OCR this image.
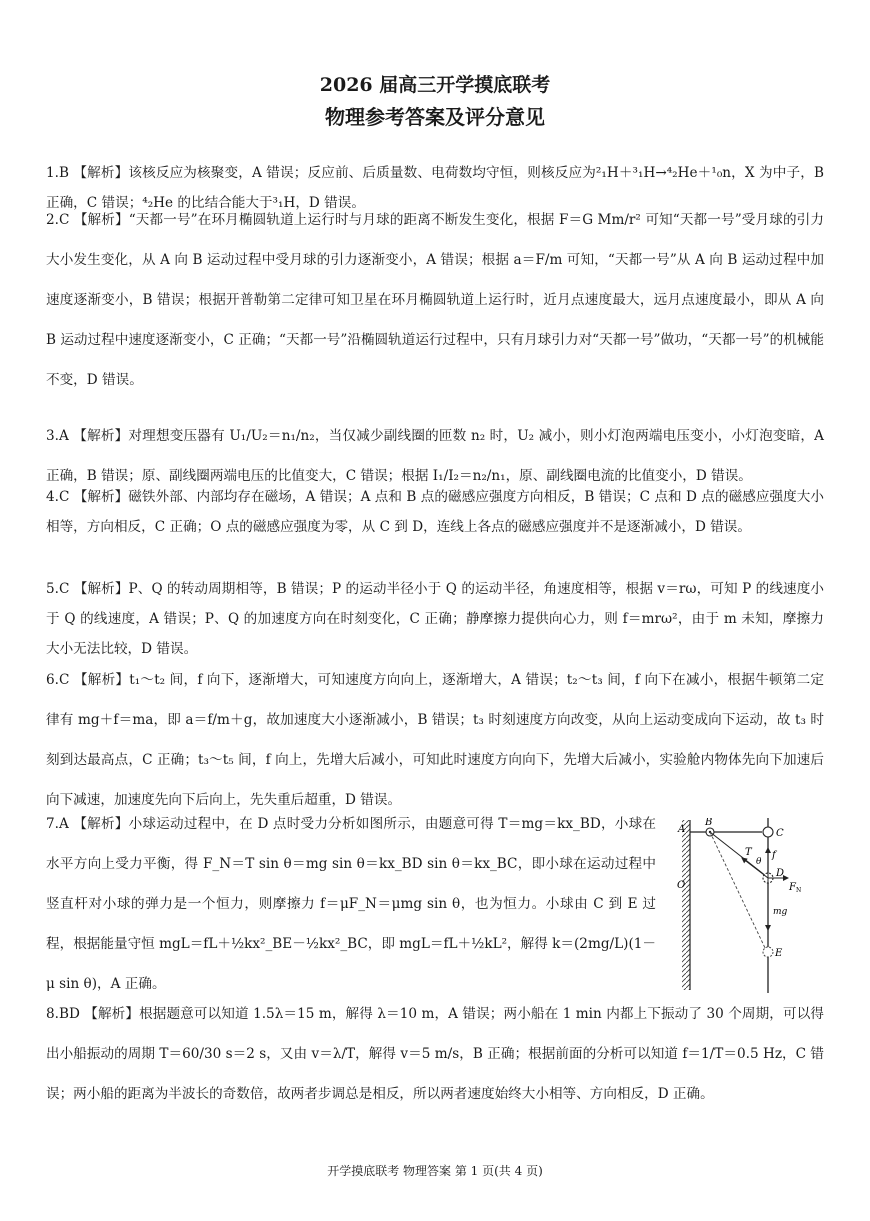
2026 届高三开学摸底联考
物理参考答案及评分意见
1.B 【解析】该核反应为核聚变，A 错误；反应前、后质量数、电荷数均守恒，则核反应为²₁H＋³₁H→⁴₂He＋¹₀n，X 为中子，B 正确，C 错误；⁴₂He 的比结合能大于³₁H，D 错误。
2.C 【解析】“天都一号”在环月椭圆轨道上运行时与月球的距离不断发生变化，根据 F＝G Mm/r² 可知“天都一号”受月球的引力大小发生变化，从 A 向 B 运动过程中受月球的引力逐渐变小，A 错误；根据 a＝F/m 可知，“天都一号”从 A 向 B 运动过程中加速度逐渐变小，B 错误；根据开普勒第二定律可知卫星在环月椭圆轨道上运行时，近月点速度最大，远月点速度最小，即从 A 向 B 运动过程中速度逐渐变小，C 正确；“天都一号”沿椭圆轨道运行过程中，只有月球引力对“天都一号”做功，“天都一号”的机械能不变，D 错误。
3.A 【解析】对理想变压器有 U₁/U₂＝n₁/n₂，当仅减少副线圈的匝数 n₂ 时，U₂ 减小，则小灯泡两端电压变小，小灯泡变暗，A 正确，B 错误；原、副线圈两端电压的比值变大，C 错误；根据 I₁/I₂＝n₂/n₁，原、副线圈电流的比值变小，D 错误。
4.C 【解析】磁铁外部、内部均存在磁场，A 错误；A 点和 B 点的磁感应强度方向相反，B 错误；C 点和 D 点的磁感应强度大小相等，方向相反，C 正确；O 点的磁感应强度为零，从 C 到 D，连线上各点的磁感应强度并不是逐渐减小，D 错误。
5.C 【解析】P、Q 的转动周期相等，B 错误；P 的运动半径小于 Q 的运动半径，角速度相等，根据 v＝rω，可知 P 的线速度小于 Q 的线速度，A 错误；P、Q 的加速度方向在时刻变化，C 正确；静摩擦力提供向心力，则 f＝mrω²，由于 m 未知，摩擦力大小无法比较，D 错误。
6.C 【解析】t₁～t₂ 间，f 向下，逐渐增大，可知速度方向向上，逐渐增大，A 错误；t₂～t₃ 间，f 向下在减小，根据牛顿第二定律有 mg＋f＝ma，即 a＝f/m＋g，故加速度大小逐渐减小，B 错误；t₃ 时刻速度方向改变，从向上运动变成向下运动，故 t₃ 时刻到达最高点，C 正确；t₃～t₅ 间，f 向上，先增大后减小，可知此时速度方向向下，先增大后减小，实验舱内物体先向下加速后向下减速，加速度先向下后向上，先失重后超重，D 错误。
7.A 【解析】小球运动过程中，在 D 点时受力分析如图所示，由题意可得 T＝mg＝kx_BD，小球在水平方向上受力平衡，得 F_N＝T sin θ＝mg sin θ＝kx_BD sin θ＝kx_BC，即小球在运动过程中竖直杆对小球的弹力是一个恒力，则摩擦力 f＝μF_N＝μmg sin θ，也为恒力。小球由 C 到 E 过程，根据能量守恒 mgL＝fL＋½kx²_BE－½kx²_BC，即 mgL＝fL＋½kL²，解得 k＝(2mg/L)(1－μ sin θ)，A 正确。
8.BD 【解析】根据题意可以知道 1.5λ＝15 m，解得 λ＝10 m，A 错误；两小船在 1 min 内都上下振动了 30 个周期，可以得出小船振动的周期 T＝60/30 s＝2 s，又由 v＝λ/T，解得 v＝5 m/s，B 正确；根据前面的分析可以知道 f＝1/T＝0.5 Hz，C 错误；两小船的距离为半波长的奇数倍，故两者步调总是相反，所以两者速度始终大小相等、方向相反，D 正确。
A
B
C
D
O
E
T
θ
f
F N
mg
开学摸底联考 物理答案 第 1 页(共 4 页)
